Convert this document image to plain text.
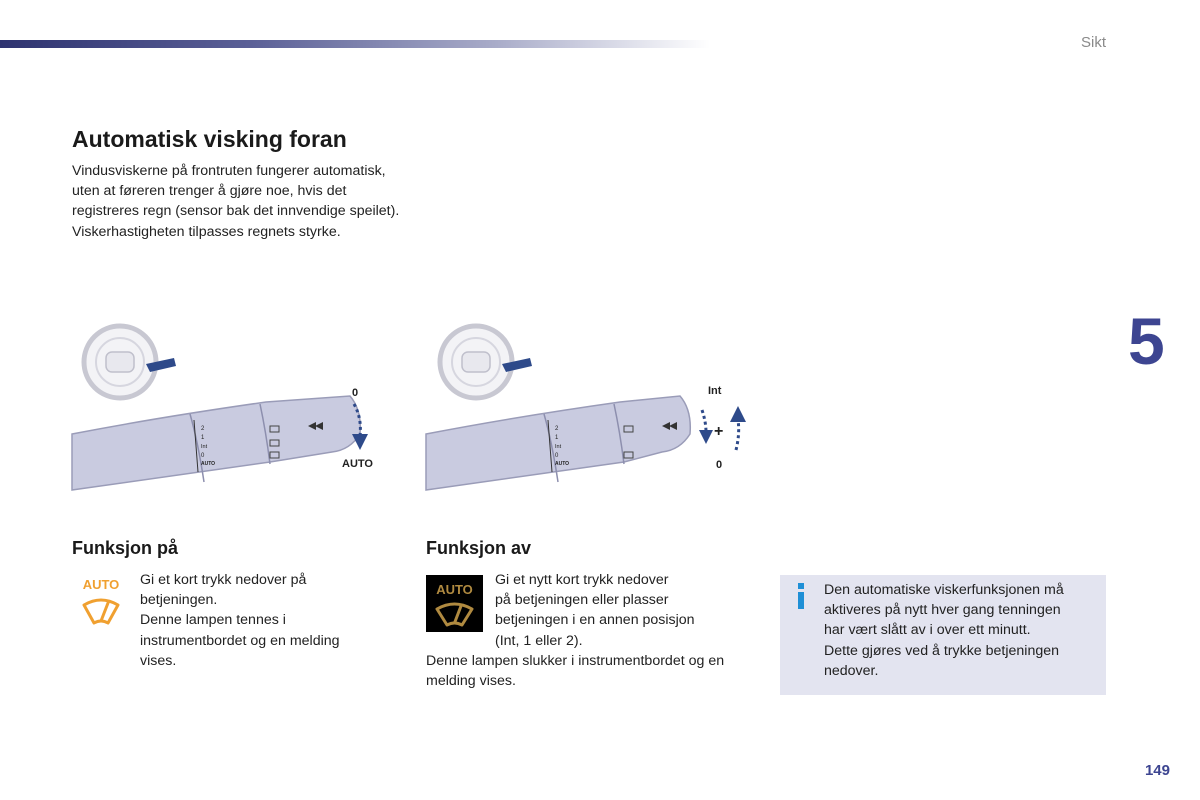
Sikt
5
Automatisk visking foran

Vindusviskerne på frontruten fungerer automatisk, uten at føreren trenger å gjøre noe, hvis det registreres regn (sensor bak det innvendige speilet). Viskerhastigheten tilpasses regnets styrke.

2
1
Int
0
AUTO
0
AUTO
2
1
Int
0
AUTO
Int
+
0
Funksjon på
AUTO Gi et kort trykk nedover på
betjeningen.
Denne lampen tennes i
instrumentbordet og en melding
vises.

Funksjon av
AUTO

Gi et nytt kort trykk nedover
på betjeningen eller plasser
betjeningen i en annen posisjon
(Int, 1 eller 2).

Denne lampen slukker i instrumentbordet og en melding vises.

Den automatiske viskerfunksjonen må
aktiveres på nytt hver gang tenningen
har vært slått av i over ett minutt.
Dette gjøres ved å trykke betjeningen
nedover.

149
